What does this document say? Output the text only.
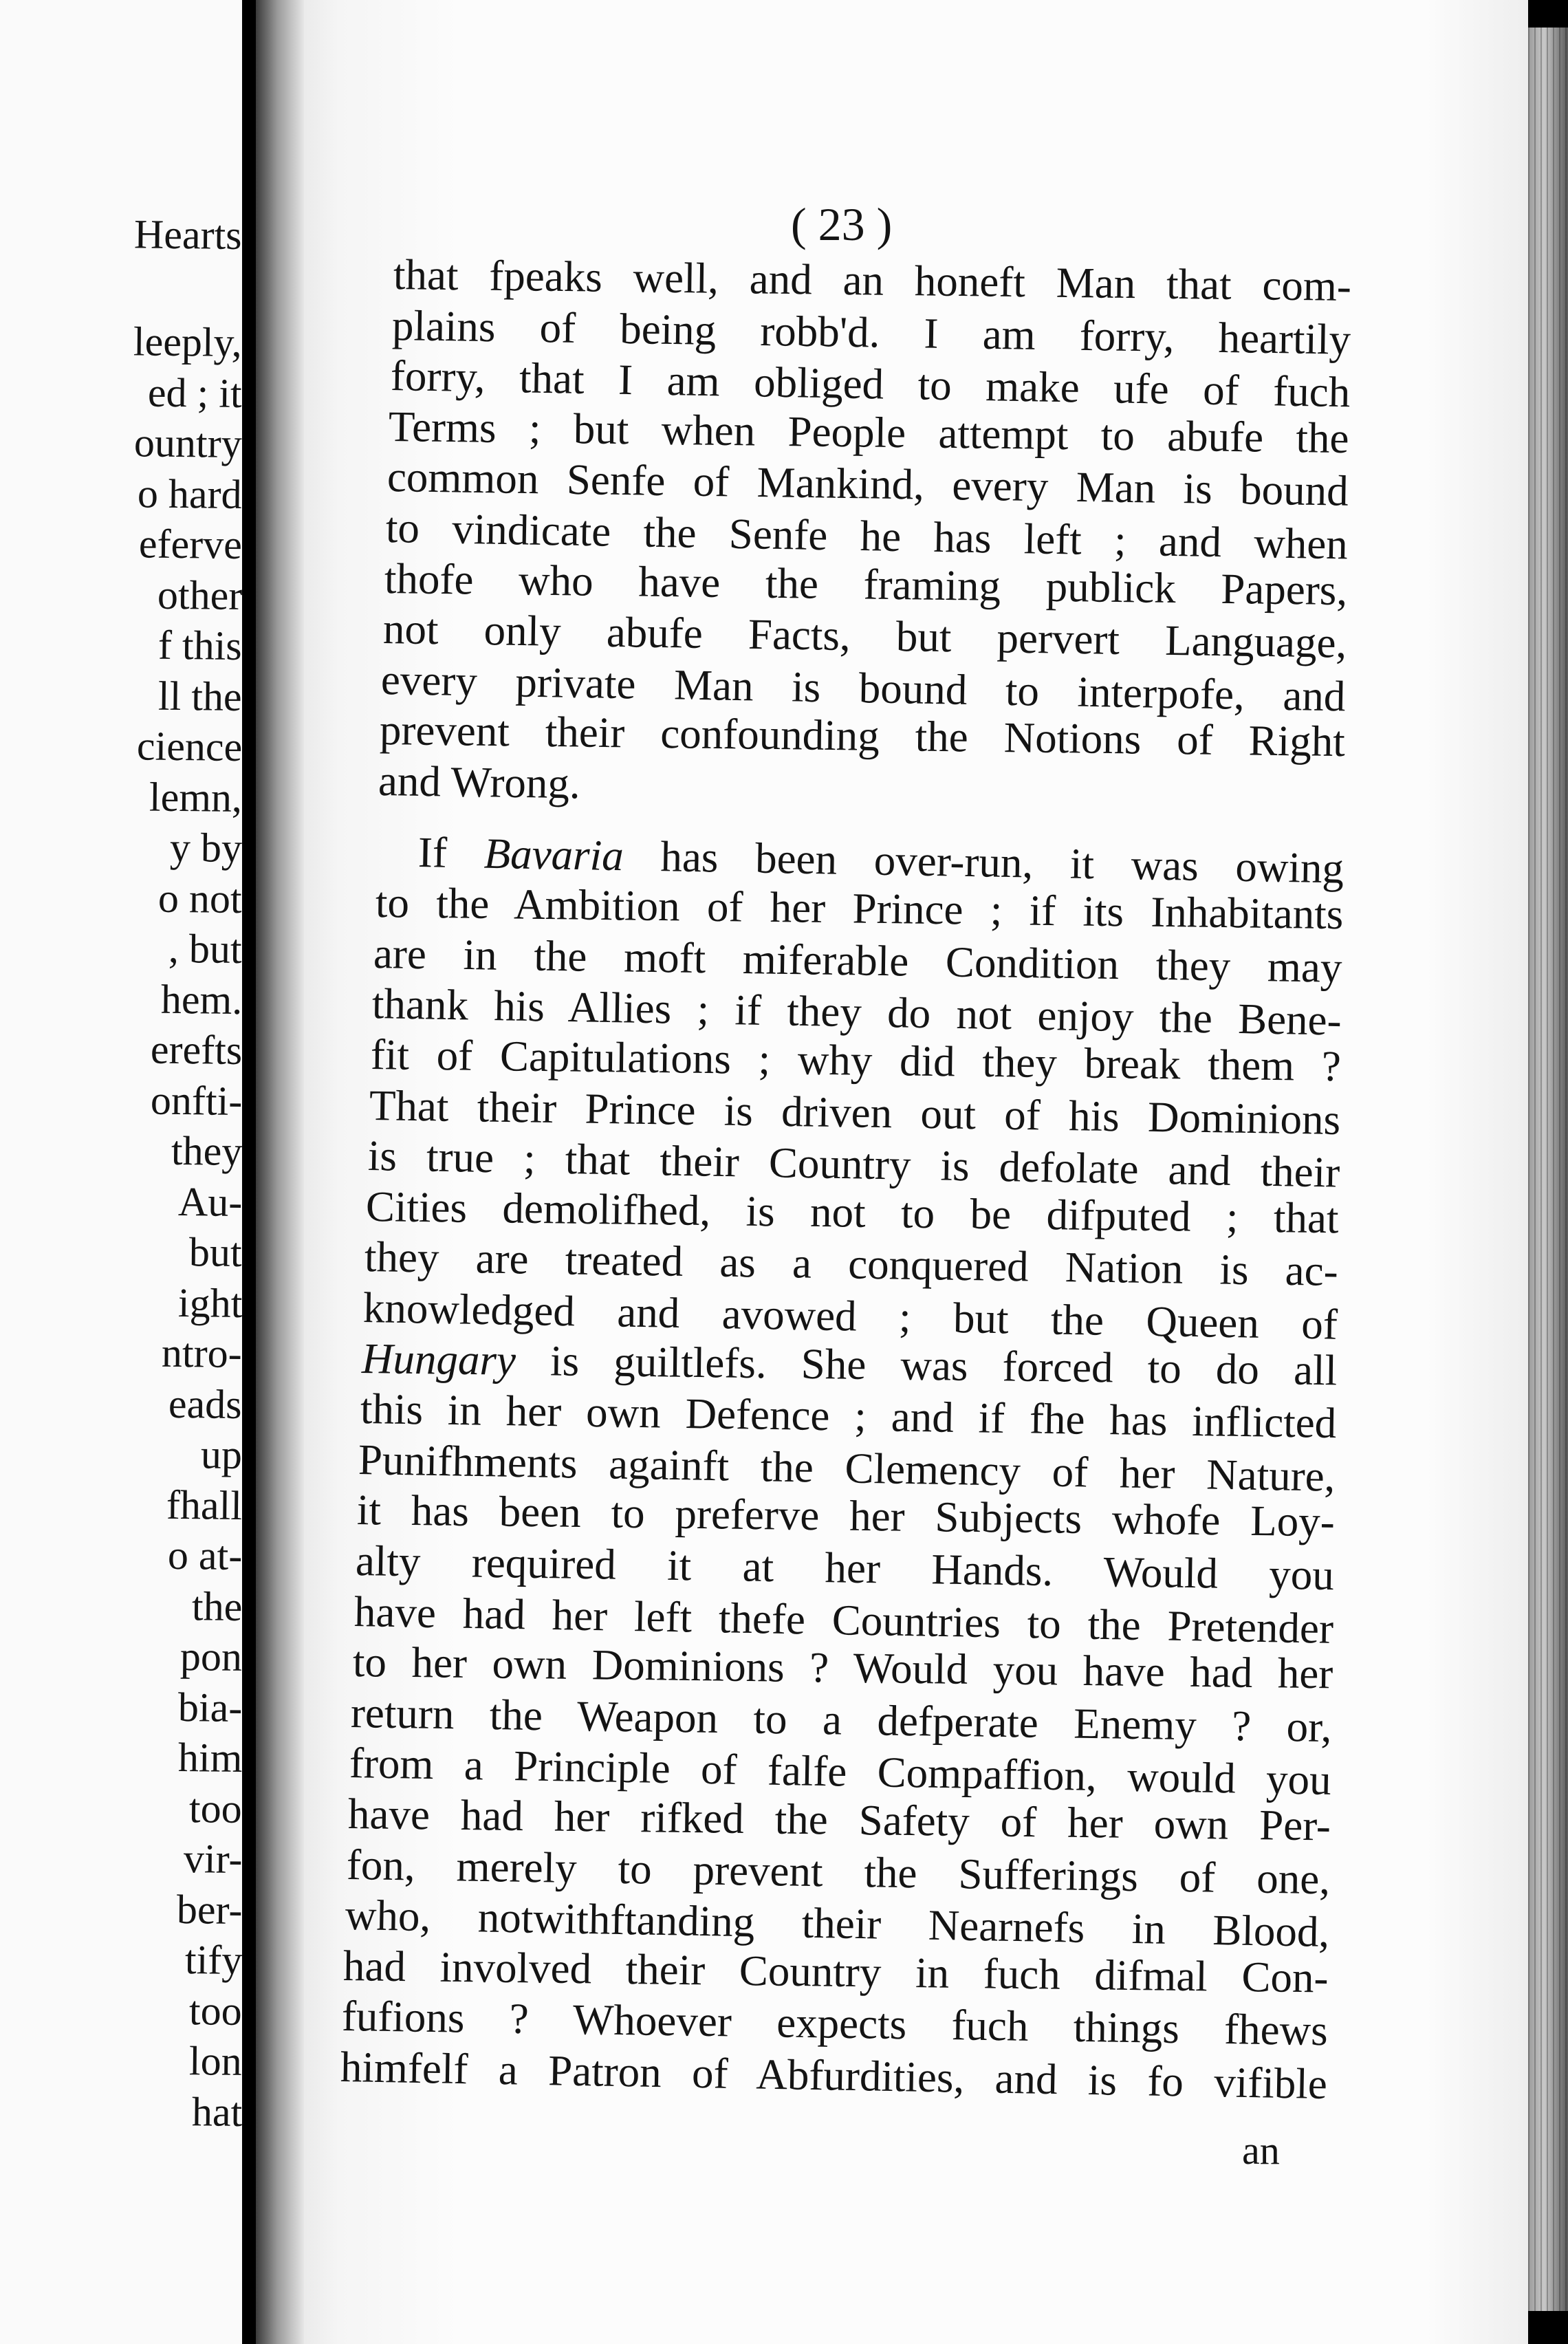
Hearts
leeply,
ed ; it
ountry
o hard
eferve
other
f this
ll the
cience
lemn,
y by
o not
, but
hem.
erefts
onfti-
they
Au-
but
ight
ntro-
eads
up
fhall
o at-
the
pon
bia-
him
too
vir-
ber-
tify
too
lon
hat
( 23 )
that fpeaks well, and an honeft Man that com-
plains of being robb'd. I am forry, heartily
forry, that I am obliged to make ufe of fuch
Terms ; but when People attempt to abufe the
common Senfe of Mankind, every Man is bound
to vindicate the Senfe he has left ; and when
thofe who have the framing publick Papers,
not only abufe Facts, but pervert Language,
every private Man is bound to interpofe, and
prevent their confounding the Notions of Right
and Wrong.
If Bavaria has been over-run, it was owing
to the Ambition of her Prince ; if its Inhabitants
are in the moft miferable Condition they may
thank his Allies ; if they do not enjoy the Bene-
fit of Capitulations ; why did they break them ?
That their Prince is driven out of his Dominions
is true ; that their Country is defolate and their
Cities demolifhed, is not to be difputed ; that
they are treated as a conquered Nation is ac-
knowledged and avowed ; but the Queen of
Hungary is guiltlefs. She was forced to do all
this in her own Defence ; and if fhe has inflicted
Punifhments againft the Clemency of her Nature,
it has been to preferve her Subjects whofe Loy-
alty required it at her Hands. Would you
have had her left thefe Countries to the Pretender
to her own Dominions ? Would you have had her
return the Weapon to a defperate Enemy ? or,
from a Principle of falfe Compaffion, would you
have had her rifked the Safety of her own Per-
fon, merely to prevent the Sufferings of one,
who, notwithftanding their Nearnefs in Blood,
had involved their Country in fuch difmal Con-
fufions ? Whoever expects fuch things fhews
himfelf a Patron of Abfurdities, and is fo vifible
an
